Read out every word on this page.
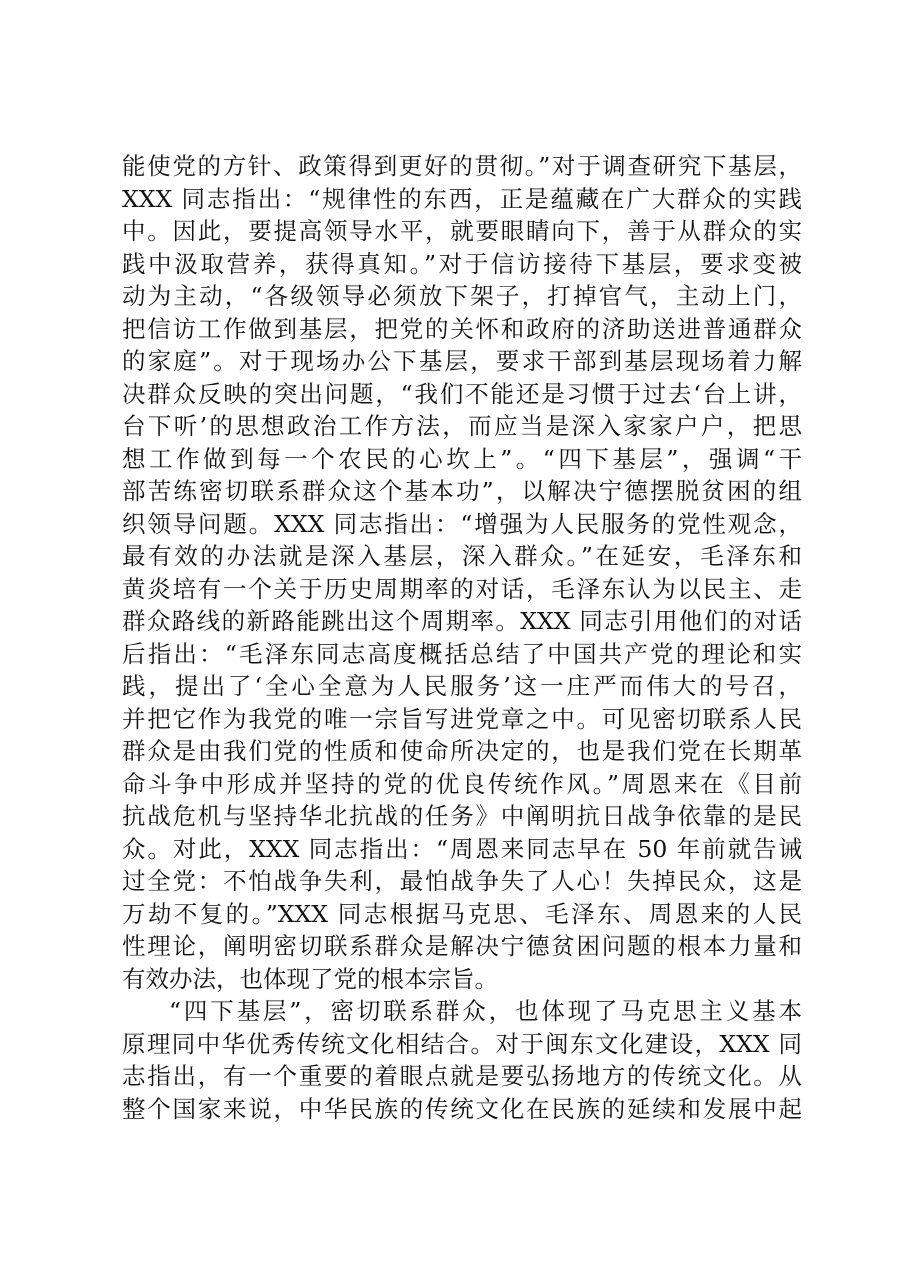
能使党的方针、政策得到更好的贯彻。”对于调查研究下基层，
XXX 同志指出：“规律性的东西，正是蕴藏在广大群众的实践
中。因此，要提高领导水平，就要眼睛向下，善于从群众的实
践中汲取营养，获得真知。”对于信访接待下基层，要求变被
动为主动，“各级领导必须放下架子，打掉官气，主动上门，
把信访工作做到基层，把党的关怀和政府的济助送进普通群众
的家庭”。对于现场办公下基层，要求干部到基层现场着力解
决群众反映的突出问题，“我们不能还是习惯于过去‘台上讲，
台下听’的思想政治工作方法，而应当是深入家家户户，把思
想工作做到每一个农民的心坎上”。“四下基层”，强调“干
部苦练密切联系群众这个基本功”，以解决宁德摆脱贫困的组
织领导问题。XXX 同志指出：“增强为人民服务的党性观念，
最有效的办法就是深入基层，深入群众。”在延安，毛泽东和
黄炎培有一个关于历史周期率的对话，毛泽东认为以民主、走
群众路线的新路能跳出这个周期率。XXX 同志引用他们的对话
后指出：“毛泽东同志高度概括总结了中国共产党的理论和实
践，提出了‘全心全意为人民服务’这一庄严而伟大的号召，
并把它作为我党的唯一宗旨写进党章之中。可见密切联系人民
群众是由我们党的性质和使命所决定的，也是我们党在长期革
命斗争中形成并坚持的党的优良传统作风。”周恩来在《目前
抗战危机与坚持华北抗战的任务》中阐明抗日战争依靠的是民
众。对此，XXX 同志指出：“周恩来同志早在 50 年前就告诫
过全党：不怕战争失利，最怕战争失了人心！失掉民众，这是
万劫不复的。”XXX 同志根据马克思、毛泽东、周恩来的人民
性理论，阐明密切联系群众是解决宁德贫困问题的根本力量和
有效办法，也体现了党的根本宗旨。
“四下基层”，密切联系群众，也体现了马克思主义基本
原理同中华优秀传统文化相结合。对于闽东文化建设，XXX 同
志指出，有一个重要的着眼点就是要弘扬地方的传统文化。从
整个国家来说，中华民族的传统文化在民族的延续和发展中起
